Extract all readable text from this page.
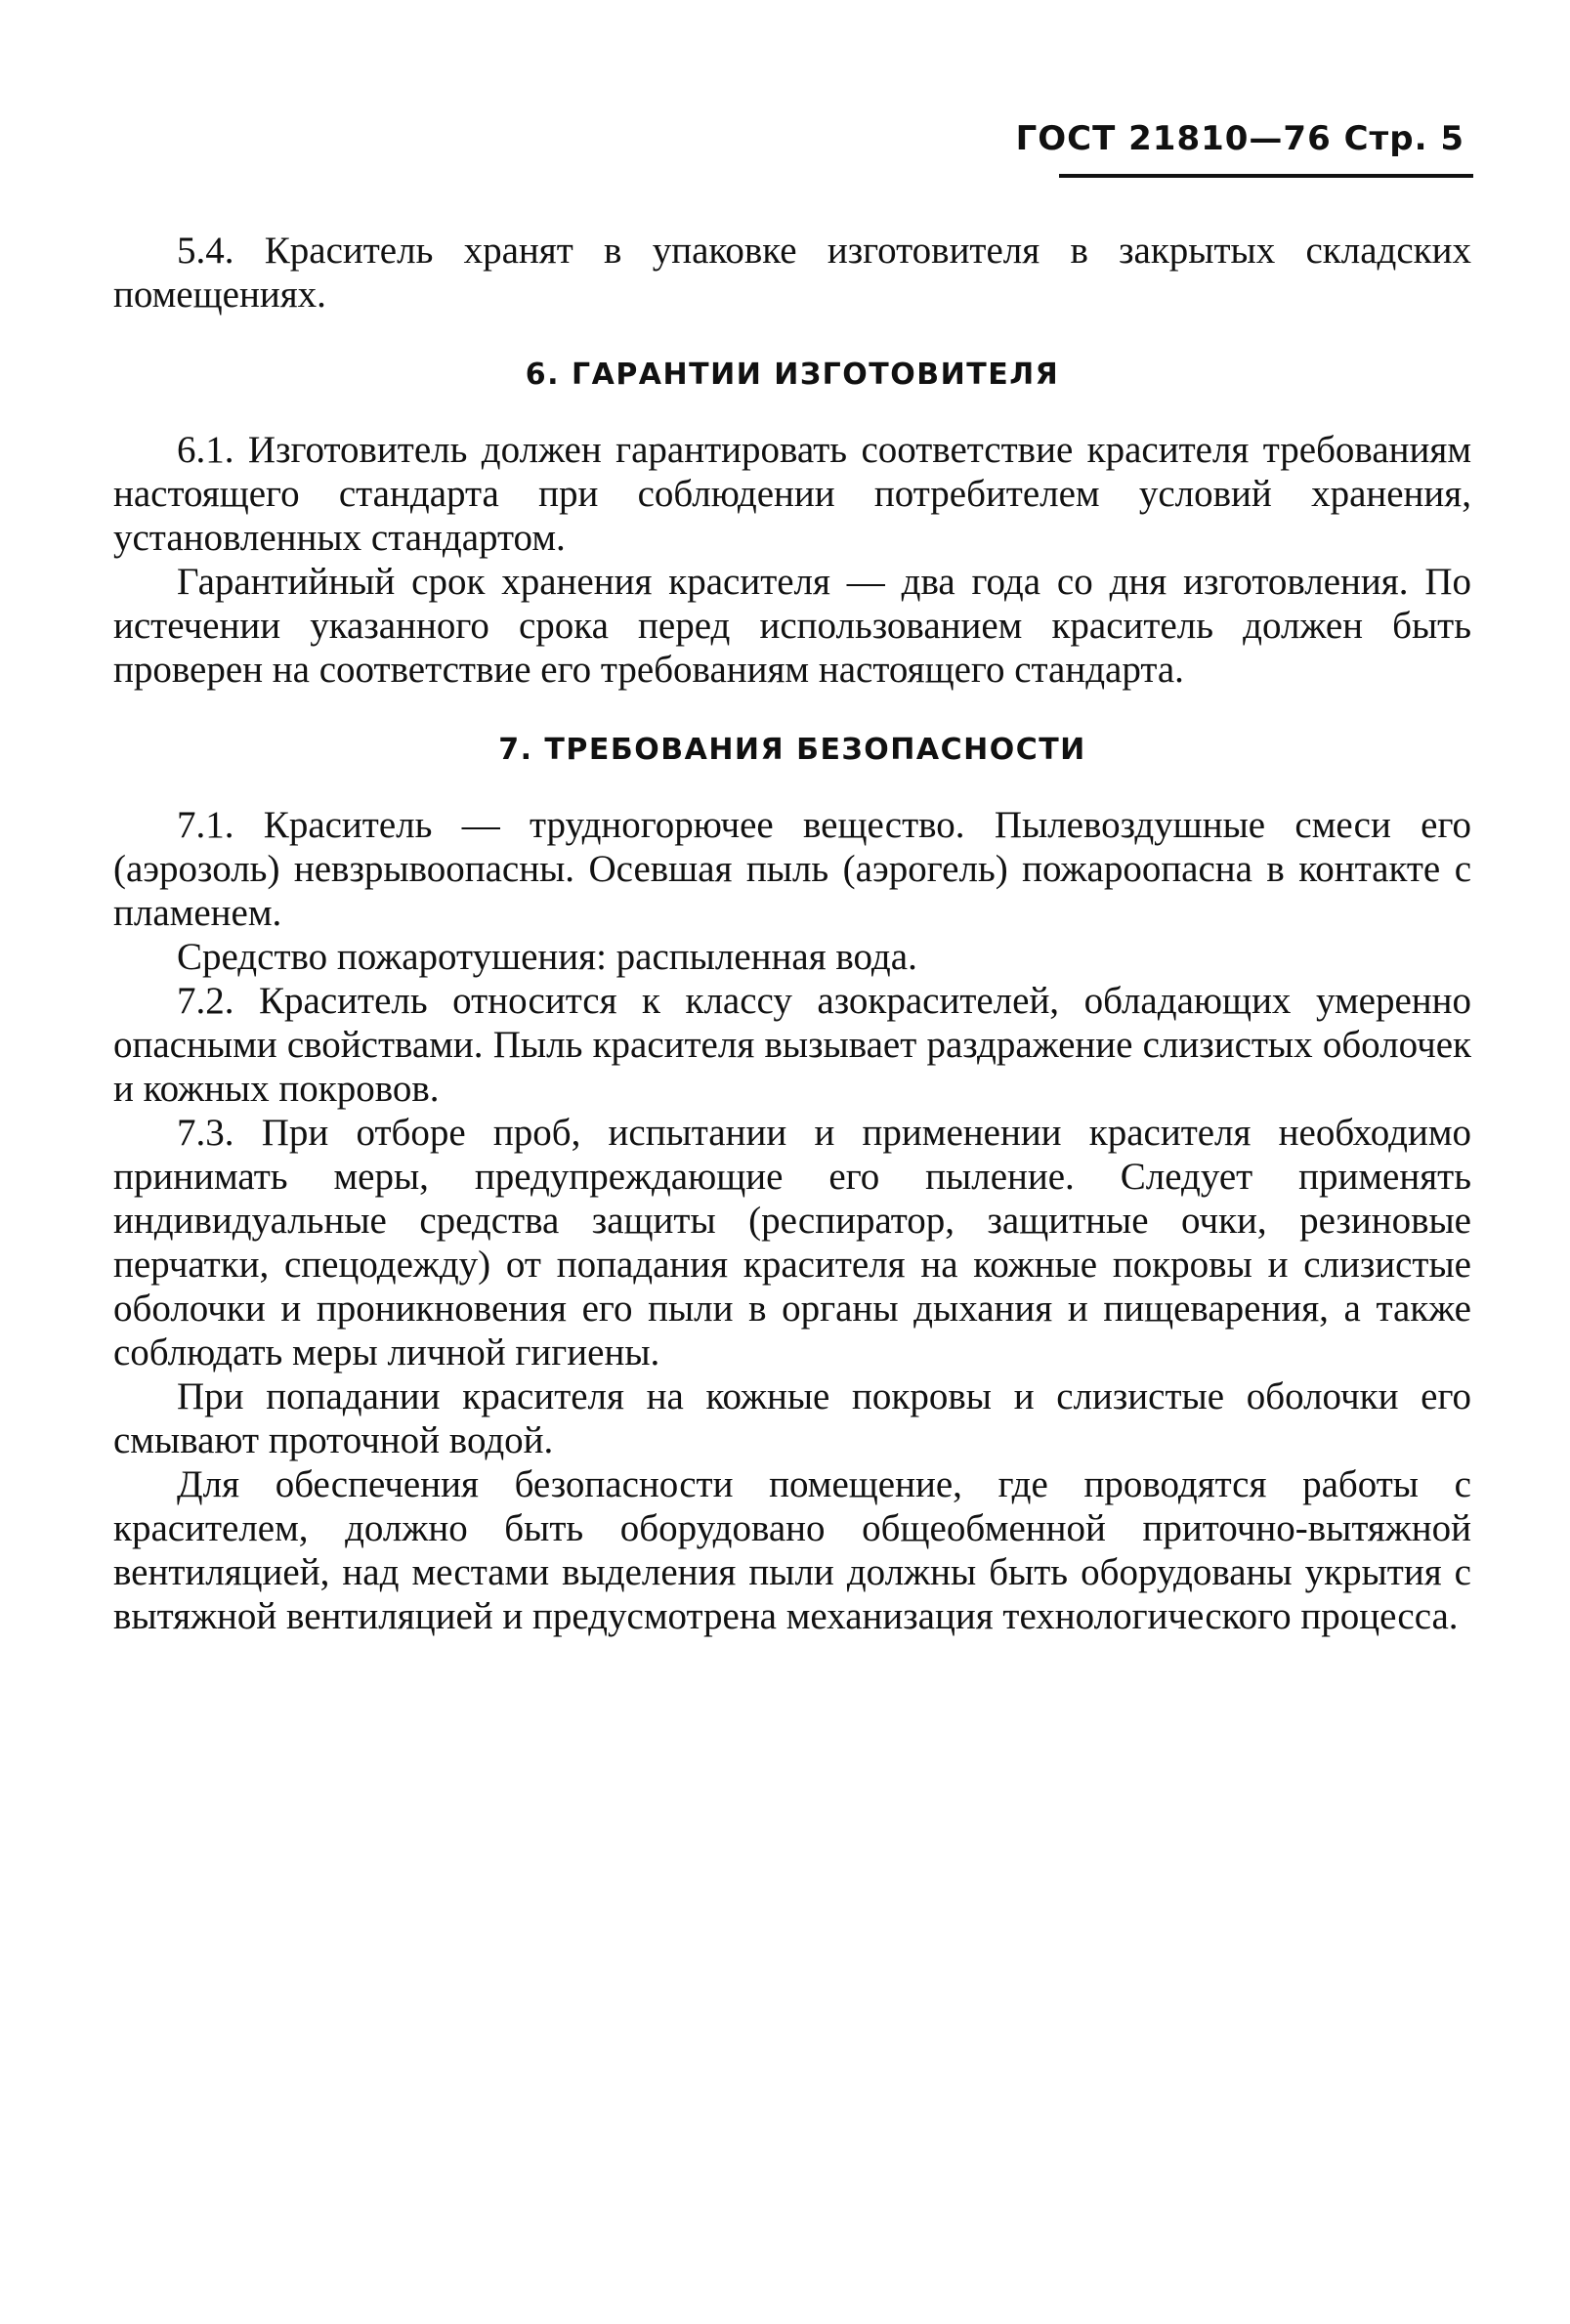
ГОСТ 21810—76 Стр. 5

5.4. Краситель хранят в упаковке изготовителя в закрытых складских помещениях.

6. ГАРАНТИИ ИЗГОТОВИТЕЛЯ

6.1. Изготовитель должен гарантировать соответствие красителя требованиям настоящего стандарта при соблюдении потребителем условий хранения, установленных стандартом.

Гарантийный срок хранения красителя — два года со дня изготовления. По истечении указанного срока перед использованием краситель должен быть проверен на соответствие его требованиям настоящего стандарта.

7. ТРЕБОВАНИЯ БЕЗОПАСНОСТИ

7.1. Краситель — трудногорючее вещество. Пылевоздушные смеси его (аэрозоль) невзрывоопасны. Осевшая пыль (аэрогель) пожароопасна в контакте с пламенем.

Средство пожаротушения: распыленная вода.

7.2. Краситель относится к классу азокрасителей, обладающих умеренно опасными свойствами. Пыль красителя вызывает раздражение слизистых оболочек и кожных покровов.

7.3. При отборе проб, испытании и применении красителя необходимо принимать меры, предупреждающие его пыление. Следует применять индивидуальные средства защиты (респиратор, защитные очки, резиновые перчатки, спецодежду) от попадания красителя на кожные покровы и слизистые оболочки и проникновения его пыли в органы дыхания и пищеварения, а также соблюдать меры личной гигиены.

При попадании красителя на кожные покровы и слизистые оболочки его смывают проточной водой.

Для обеспечения безопасности помещение, где проводятся работы с красителем, должно быть оборудовано общеобменной приточно-вытяжной вентиляцией, над местами выделения пыли должны быть оборудованы укрытия с вытяжной вентиляцией и предусмотрена механизация технологического процесса.
